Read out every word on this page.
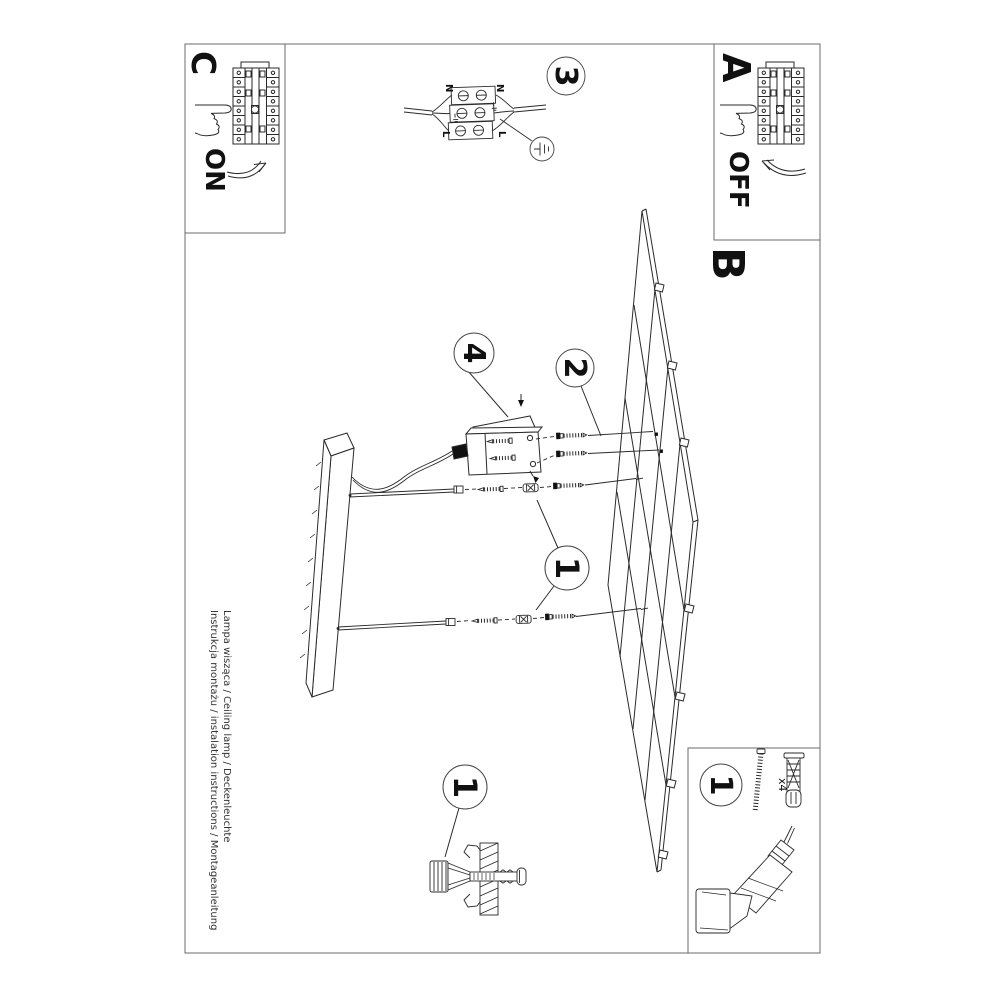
C
ON
A
OFF
B
3
4
2
1
1	1
N	N
L	L
x4
Instrukcja montażu / instalation instructions / Montageanleitung Lampa wisząca / Ceiling lamp / Deckenleuchte
